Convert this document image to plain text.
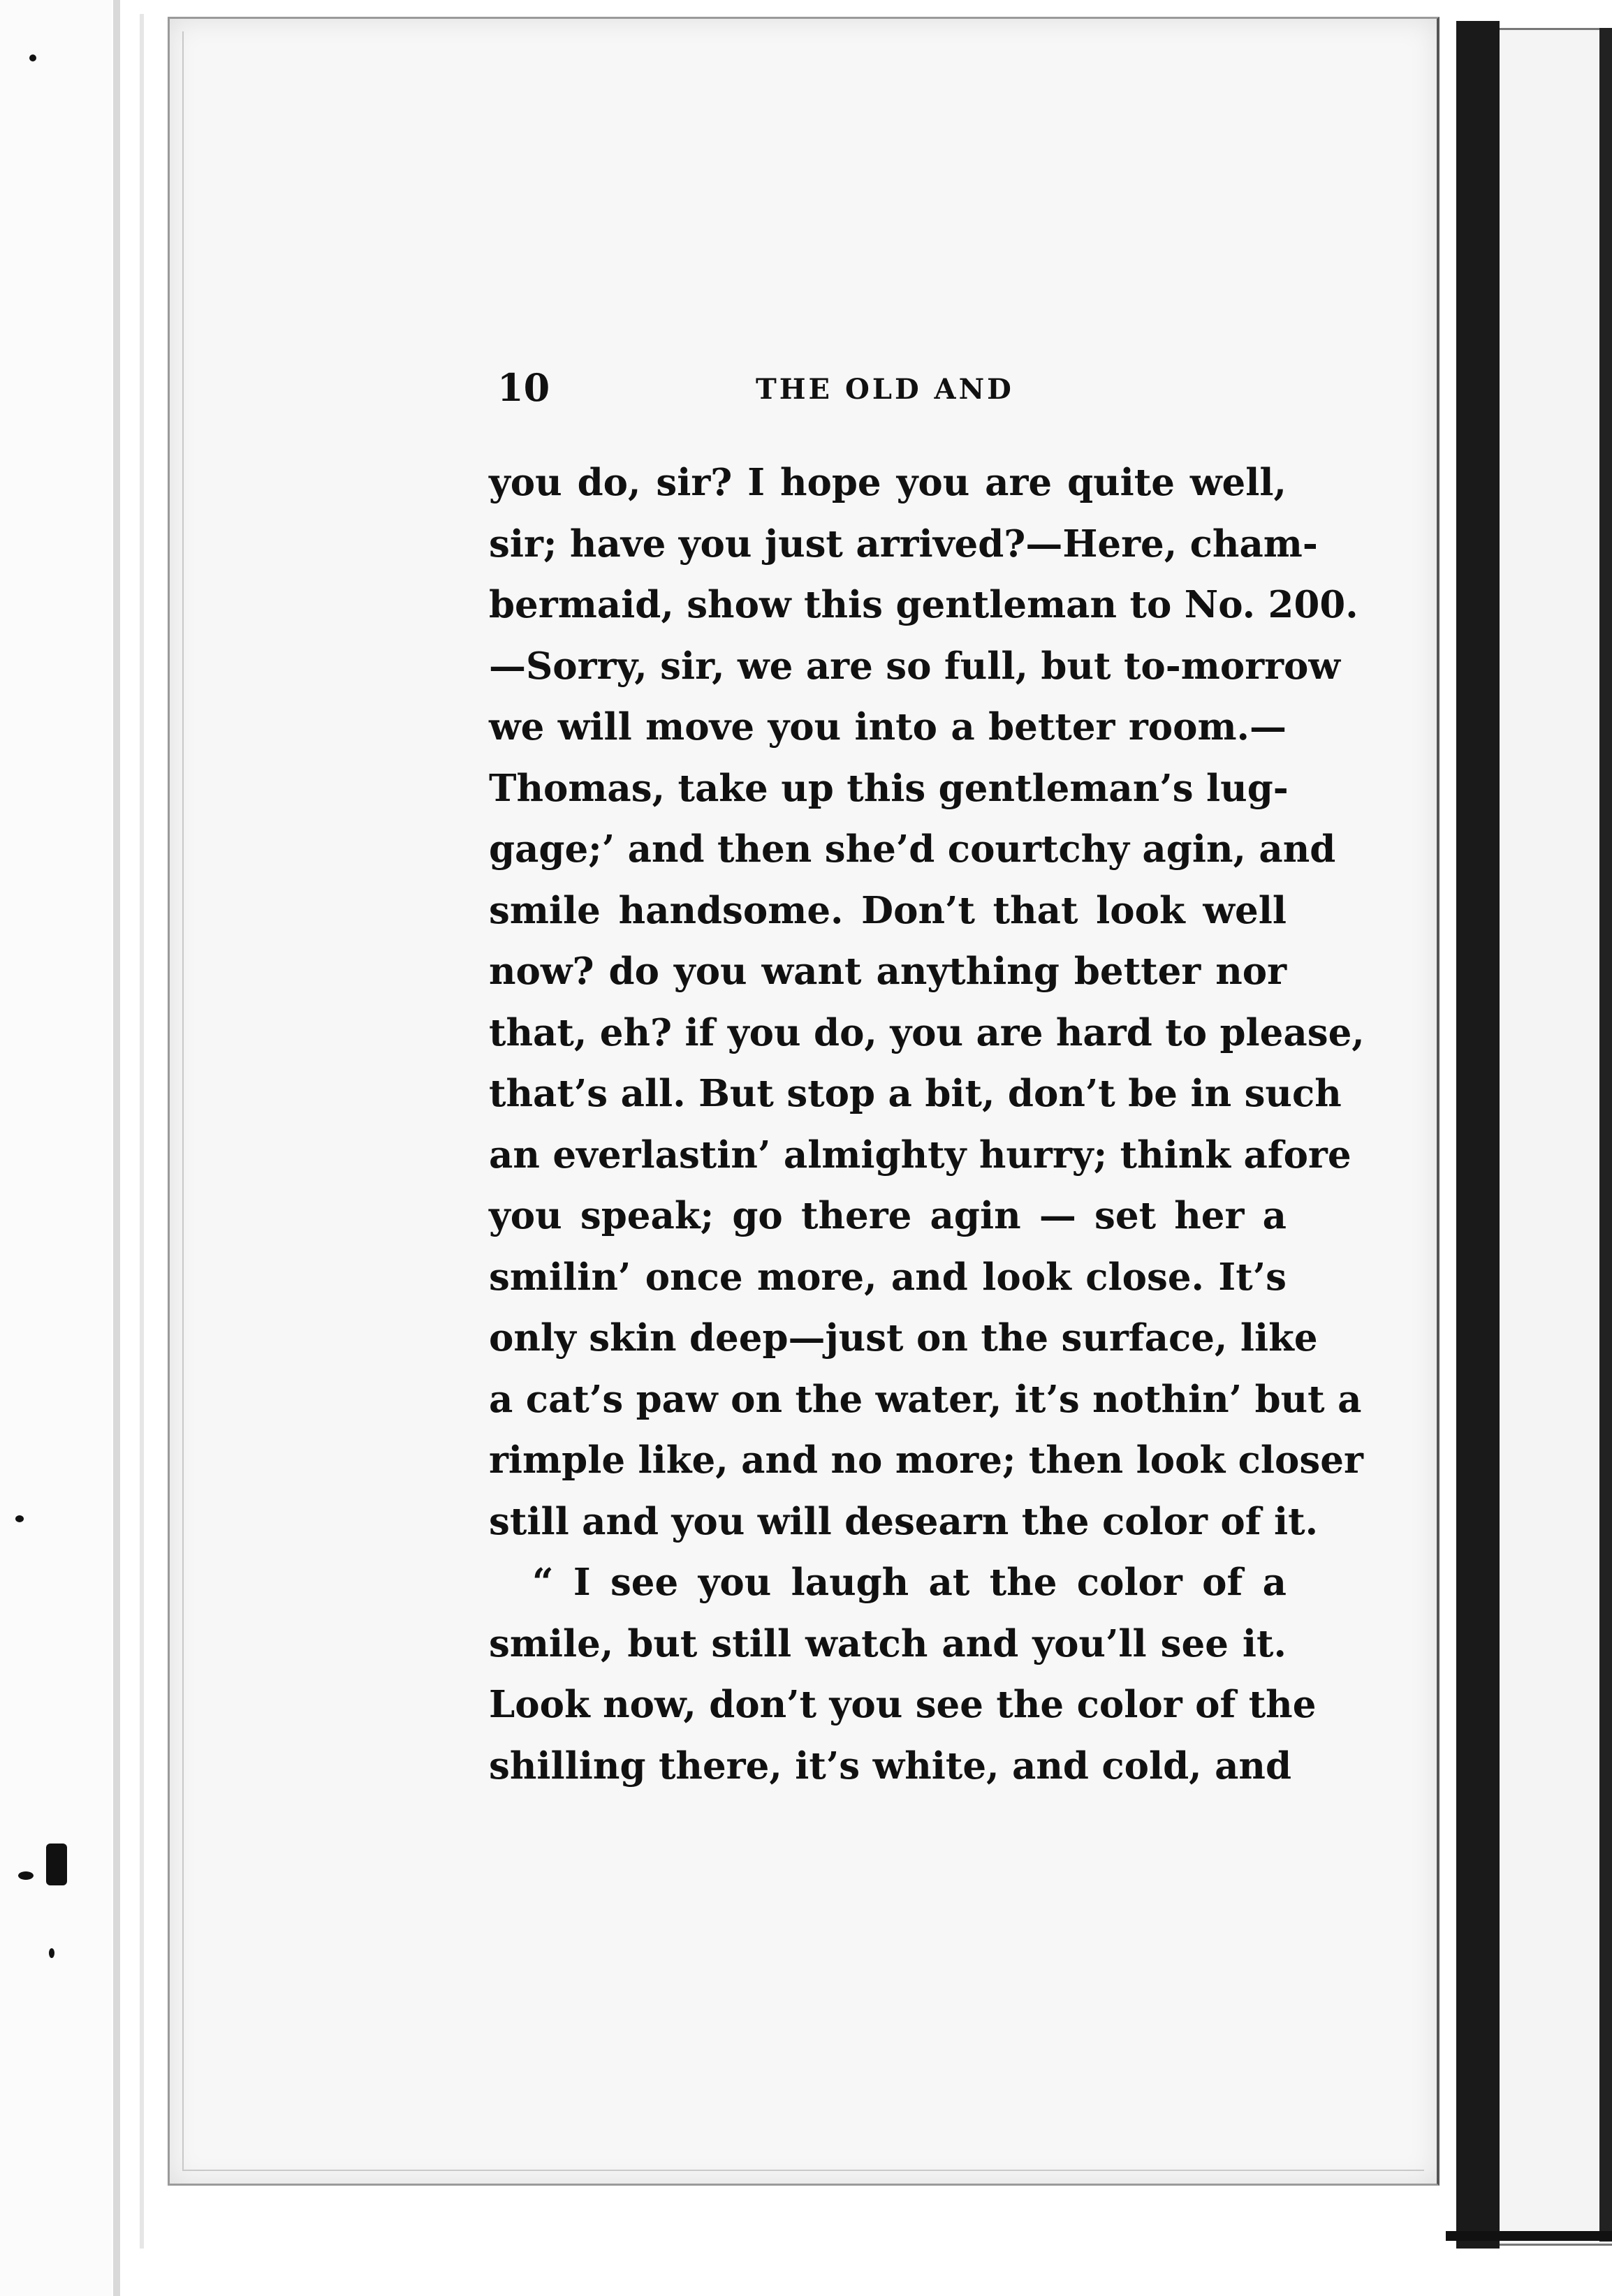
10	THE OLD AND
you do, sir? I hope you are quite well,
sir; have you just arrived?—Here, cham-
bermaid, show this gentleman to No. 200.
—Sorry, sir, we are so full, but to-morrow
we will move you into a better room.—
Thomas, take up this gentleman’s lug-
gage;’ and then she’d courtchy agin, and
smile handsome. Don’t that look well
now? do you want anything better nor
that, eh? if you do, you are hard to please,
that’s all. But stop a bit, don’t be in such
an everlastin’ almighty hurry; think afore
you speak; go there agin — set her a
smilin’ once more, and look close. It’s
only skin deep—just on the surface, like
a cat’s paw on the water, it’s nothin’ but a
rimple like, and no more; then look closer
still and you will desearn the color of it.
“ I see you laugh at the color of a
smile, but still watch and you’ll see it.
Look now, don’t you see the color of the
shilling there, it’s white, and cold, and
